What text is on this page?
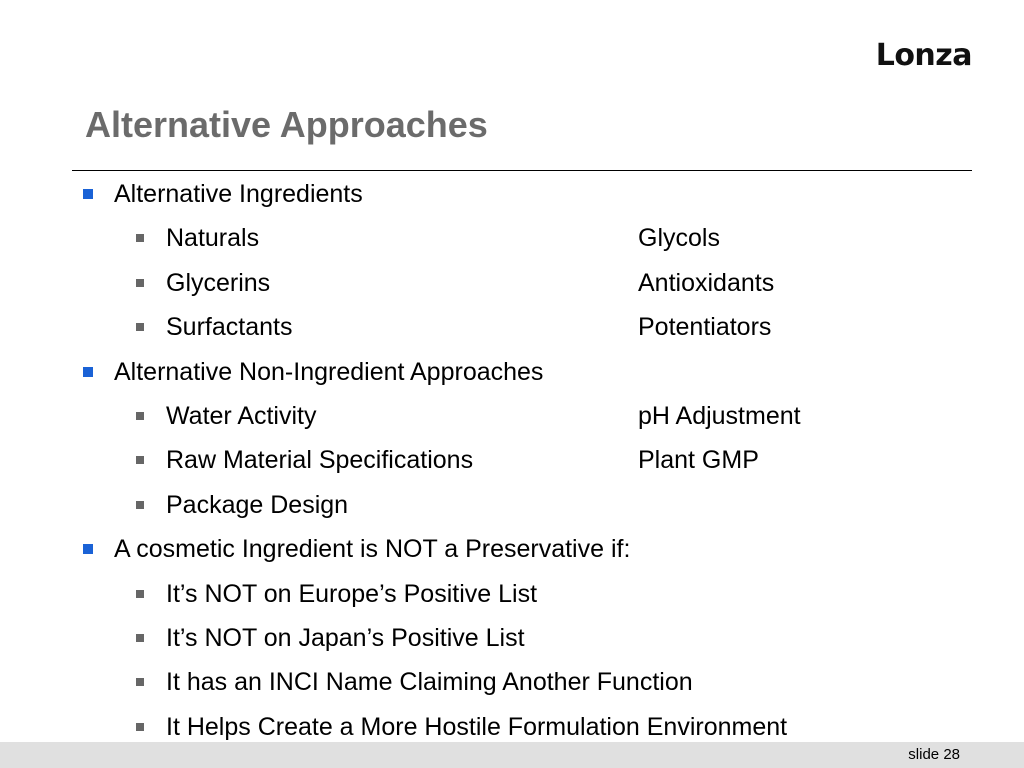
Lonza
Alternative Approaches
Alternative Ingredients
Naturals	Glycols
Glycerins	Antioxidants
Surfactants	Potentiators
Alternative Non-Ingredient Approaches
Water Activity	pH Adjustment
Raw Material Specifications	Plant GMP
Package Design
A cosmetic Ingredient is NOT a Preservative if:
It’s NOT on Europe’s Positive List
It’s NOT on Japan’s Positive List
It has an INCI Name Claiming Another Function
It Helps Create a More Hostile Formulation Environment
slide 28
